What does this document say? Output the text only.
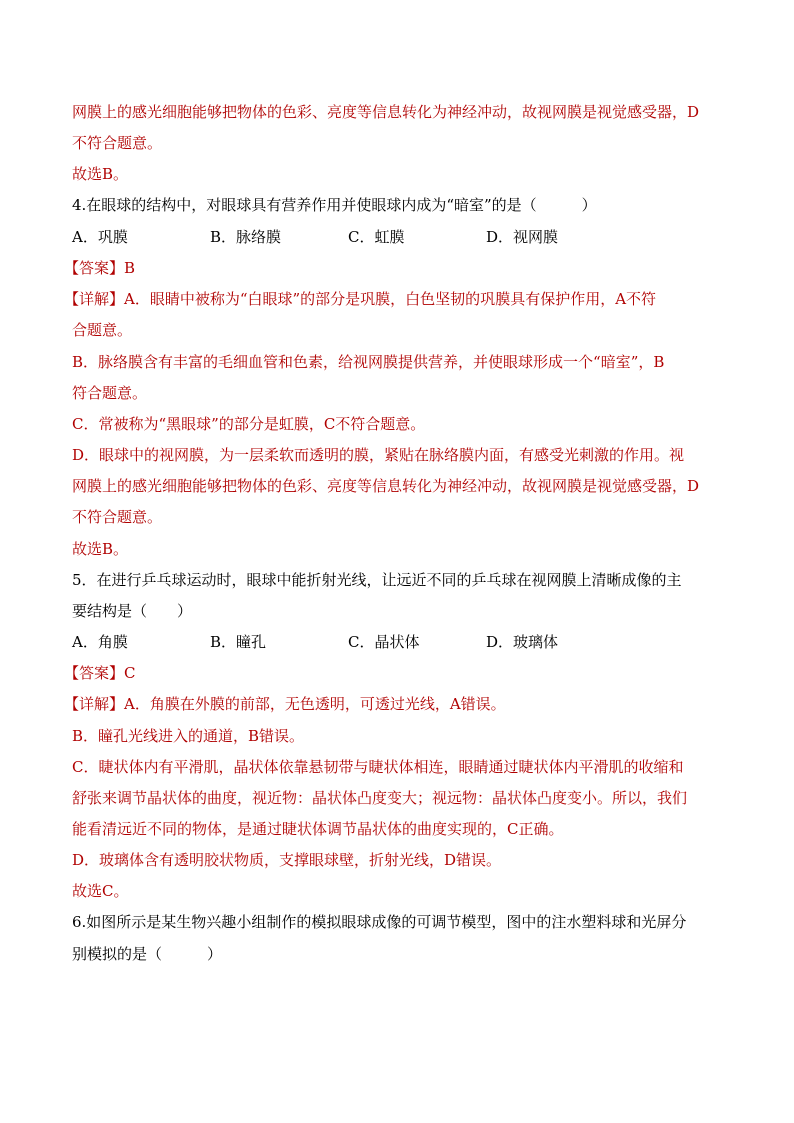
网膜上的感光细胞能够把物体的色彩、亮度等信息转化为神经冲动，故视网膜是视觉感受器，D
不符合题意。
故选B。
4.在眼球的结构中，对眼球具有营养作用并使眼球内成为“暗室”的是（　　　）
A．巩膜	B．脉络膜	C．虹膜	D．视网膜
【答案】B
【详解】A．眼睛中被称为“白眼球”的部分是巩膜，白色坚韧的巩膜具有保护作用，A不符
合题意。
B．脉络膜含有丰富的毛细血管和色素，给视网膜提供营养，并使眼球形成一个“暗室”，B
符合题意。
C．常被称为“黑眼球”的部分是虹膜，C不符合题意。
D．眼球中的视网膜，为一层柔软而透明的膜，紧贴在脉络膜内面，有感受光刺激的作用。视
网膜上的感光细胞能够把物体的色彩、亮度等信息转化为神经冲动，故视网膜是视觉感受器，D
不符合题意。
故选B。
5．在进行乒乓球运动时，眼球中能折射光线，让远近不同的乒乓球在视网膜上清晰成像的主
要结构是（　　）
A．角膜	B．瞳孔	C．晶状体	D．玻璃体
【答案】C
【详解】A．角膜在外膜的前部，无色透明，可透过光线，A错误。
B．瞳孔光线进入的通道，B错误。
C．睫状体内有平滑肌，晶状体依靠悬韧带与睫状体相连，眼睛通过睫状体内平滑肌的收缩和
舒张来调节晶状体的曲度，视近物：晶状体凸度变大；视远物：晶状体凸度变小。所以，我们
能看清远近不同的物体，是通过睫状体调节晶状体的曲度实现的，C正确。
D．玻璃体含有透明胶状物质，支撑眼球壁，折射光线，D错误。
故选C。
6.如图所示是某生物兴趣小组制作的模拟眼球成像的可调节模型，图中的注水塑料球和光屏分
别模拟的是（　　　）
